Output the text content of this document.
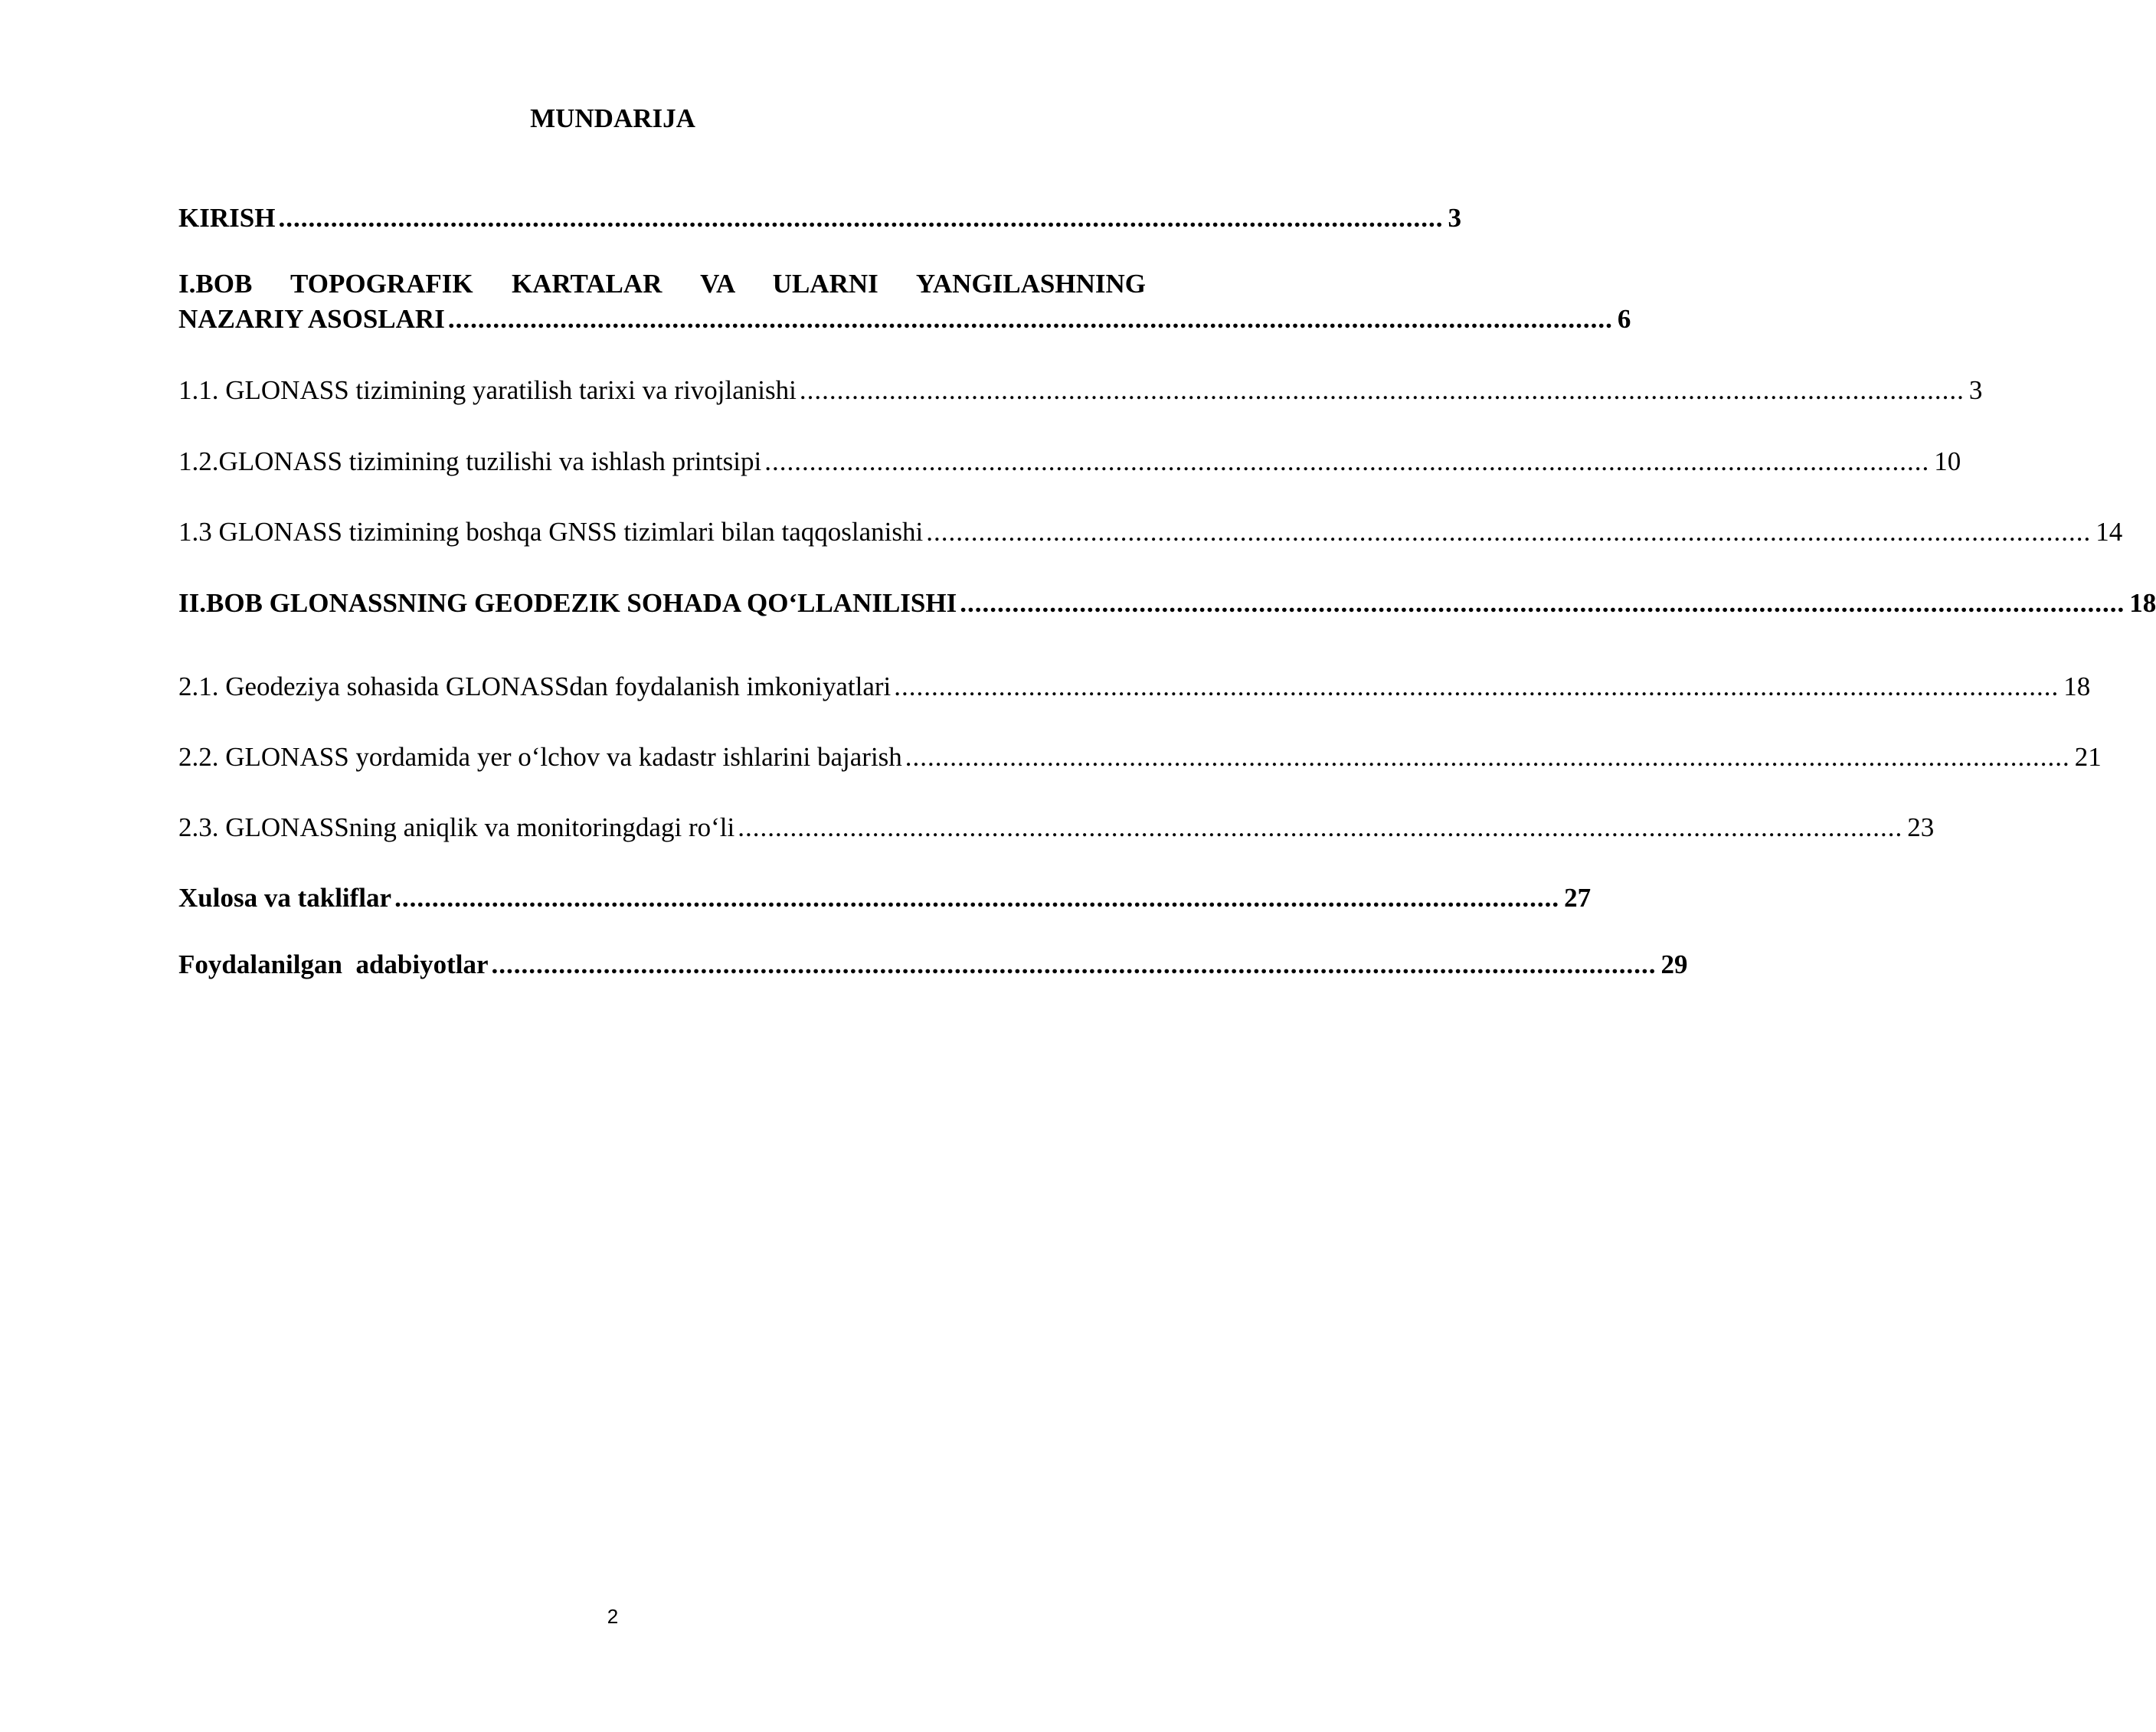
MUNDARIJA
KIRISH ............................................................................................................................................................ 3
I.BOB TOPOGRAFIK KARTALAR VA ULARNI YANGILASHNING
NAZARIY ASOSLARI ............................................................................................................................................................ 6
1.1. GLONASS tizimining yaratilish tarixi va rivojlanishi ............................................................................................................................................................ 3
1.2.GLONASS tizimining tuzilishi va ishlash printsipi ............................................................................................................................................................ 10
1.3 GLONASS tizimining boshqa GNSS tizimlari bilan taqqoslanishi ............................................................................................................................................................ 14
II.BOB GLONASSNING GEODEZIK SOHADA QO‘LLANILISHI ............................................................................................................................................................ 18
2.1. Geodeziya sohasida GLONASSdan foydalanish imkoniyatlari ............................................................................................................................................................ 18
2.2. GLONASS yordamida yer o‘lchov va kadastr ishlarini bajarish ............................................................................................................................................................ 21
2.3. GLONASSning aniqlik va monitoringdagi ro‘li ............................................................................................................................................................ 23
Xulosa va takliflar ............................................................................................................................................................ 27
Foydalanilgan  adabiyotlar ............................................................................................................................................................ 29
2
